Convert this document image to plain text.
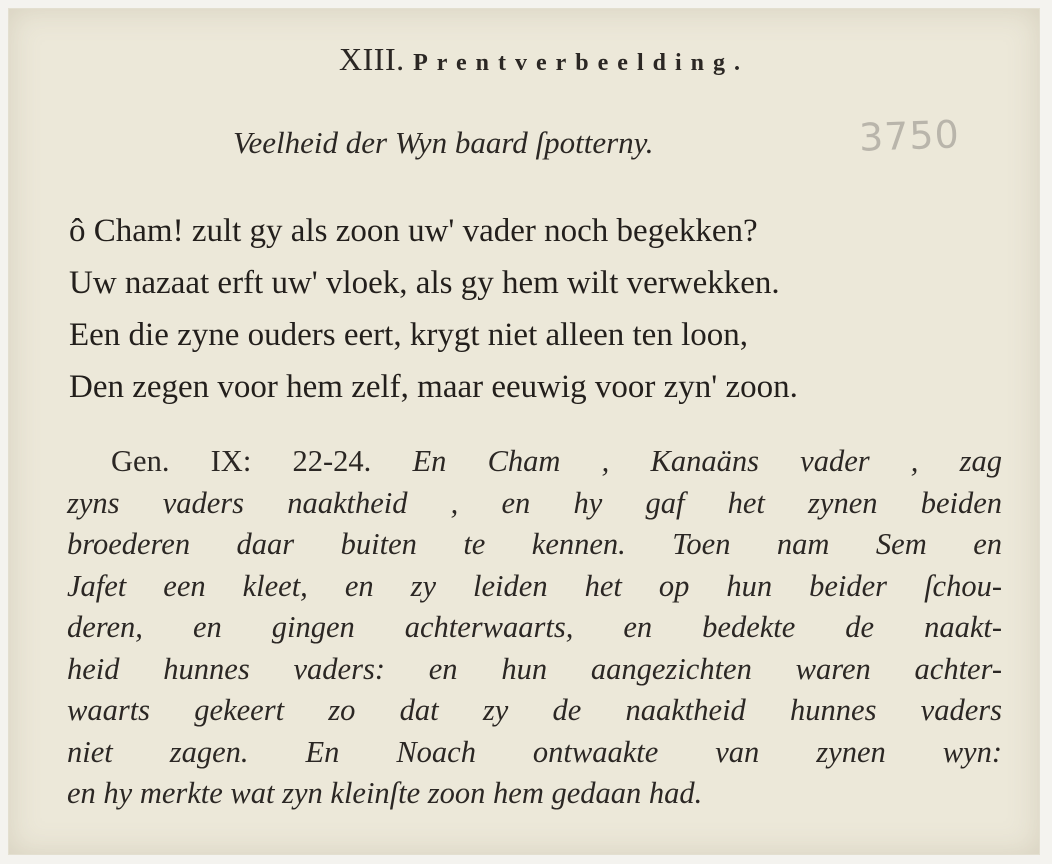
XIII. Prentverbeelding.
Veelheid der Wyn baard ſpotterny.	3750
ô Cham! zult gy als zoon uw' vader noch begekken?
Uw nazaat erft uw' vloek, als gy hem wilt verwekken.
Een die zyne ouders eert, krygt niet alleen ten loon,
Den zegen voor hem zelf, maar eeuwig voor zyn' zoon.
Gen. IX: 22-24. En Cham , Kanaäns vader , zag
zyns vaders naaktheid , en hy gaf het zynen beiden
broederen daar buiten te kennen. Toen nam Sem en
Jafet een kleet, en zy leiden het op hun beider ſchou-
deren, en gingen achterwaarts, en bedekte de naakt-
heid hunnes vaders: en hun aangezichten waren achter-
waarts gekeert zo dat zy de naaktheid hunnes vaders
niet zagen. En Noach ontwaakte van zynen wyn:
en hy merkte wat zyn kleinſte zoon hem gedaan had.
